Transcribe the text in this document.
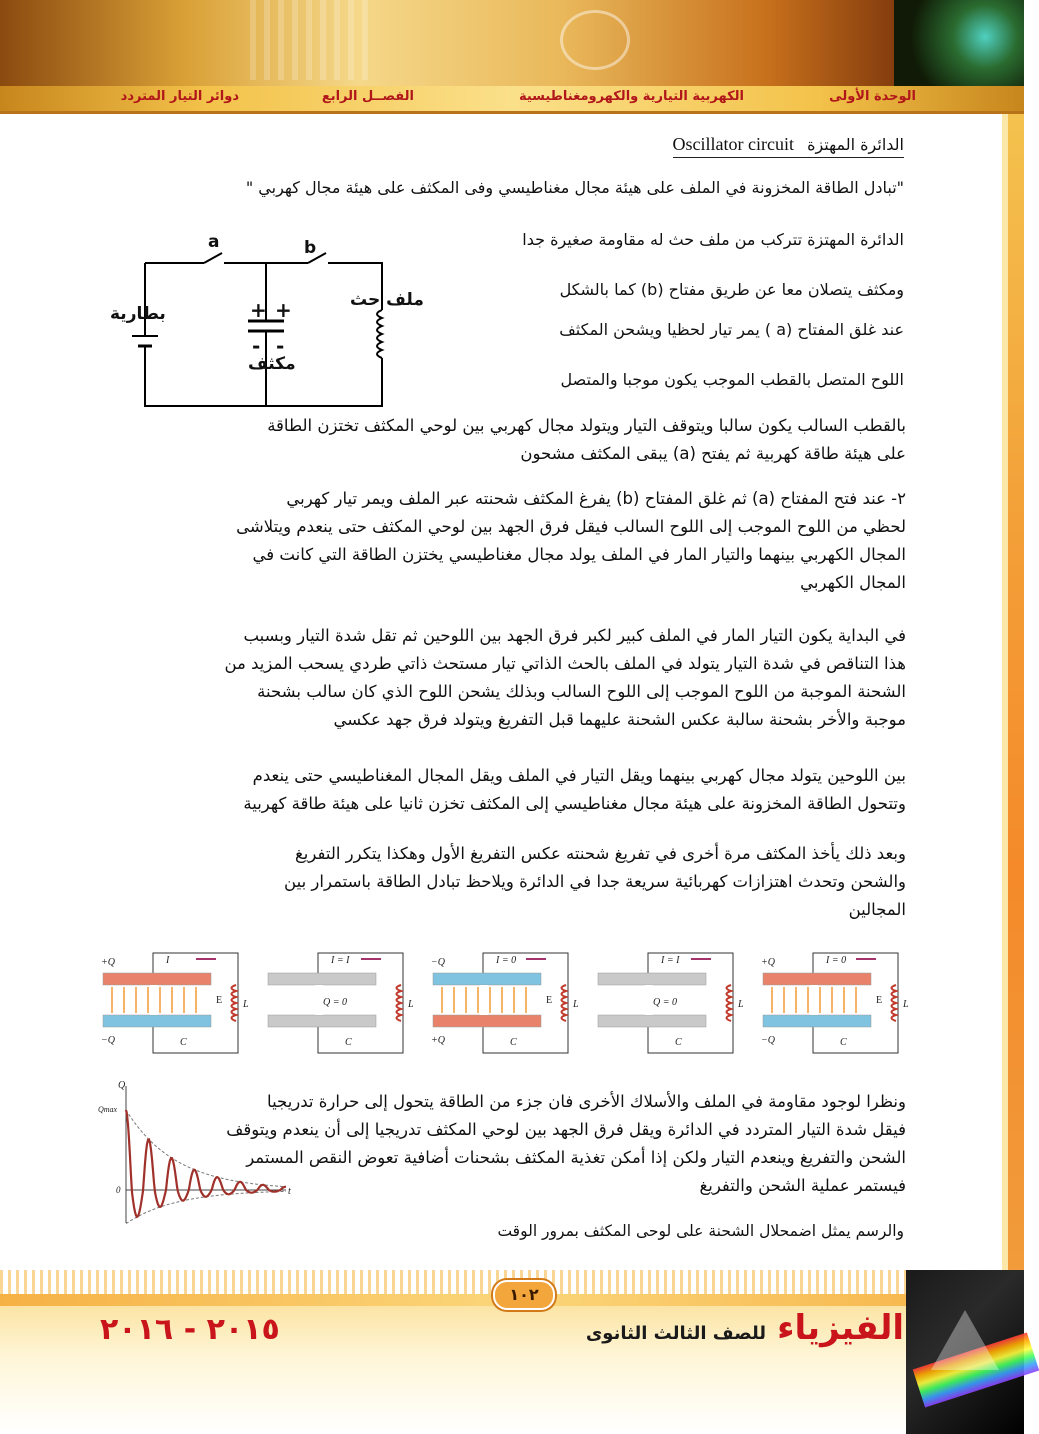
الوحدة الأولى
الكهربية التيارية والكهرومغناطيسية
الفصــل الرابع
دوائر التيار المتردد
الدائرة المهتزة Oscillator circuit
"تبادل الطاقة المخزونة في الملف على هيئة مجال مغناطيسي وفى المكثف على هيئة مجال كهربي "
الدائرة المهتزة تتركب من ملف حث له مقاومة صغيرة جدا
ومكثف يتصلان معا عن طريق مفتاح (b) كما بالشكل
عند غلق المفتاح (a ) يمر تيار لحظيا ويشحن المكثف
اللوح المتصل بالقطب الموجب يكون موجبا والمتصل
بالقطب السالب يكون سالبا ويتوقف التيار ويتولد مجال كهربي بين لوحي المكثف تختزن الطاقة
على هيئة طاقة كهربية ثم يفتح (a) يبقى المكثف مشحون
a	b
بطارية
ملف حث
مكثف
+ +
- -
٢- عند فتح المفتاح (a) ثم غلق المفتاح (b) يفرغ المكثف شحنته عبر الملف ويمر تيار كهربي
لحظي من اللوح الموجب إلى اللوح السالب فيقل فرق الجهد بين لوحي المكثف حتى ينعدم ويتلاشى
المجال الكهربي بينهما والتيار المار في الملف يولد مجال مغناطيسي يختزن الطاقة التي كانت في
المجال الكهربي
في البداية يكون التيار المار في الملف كبير لكبر فرق الجهد بين اللوحين ثم تقل شدة التيار وبسبب
هذا التناقص في شدة التيار يتولد في الملف بالحث الذاتي تيار مستحث ذاتي طردي يسحب المزيد من
الشحنة الموجبة من اللوح الموجب إلى اللوح السالب وبذلك يشحن اللوح الذي كان سالب بشحنة
موجبة والأخر بشحنة سالبة عكس الشحنة عليهما قبل التفريغ ويتولد فرق جهد عكسي
بين اللوحين يتولد مجال كهربي بينهما ويقل التيار في الملف ويقل المجال المغناطيسي حتى ينعدم
وتتحول الطاقة المخزونة على هيئة مجال مغناطيسي إلى المكثف تخزن ثانيا على هيئة طاقة كهربية
وبعد ذلك يأخذ المكثف مرة أخرى في تفريغ شحنته عكس التفريغ الأول وهكذا يتكرر التفريغ
والشحن وتحدث اهتزازات كهربائية سريعة جدا في الدائرة ويلاحظ تبادل الطاقة باستمرار بين
المجالين
E L
C
+Q
−Q
I
Q = 0	L
C
I = I
E L
C
−Q
+Q
I = 0
Q = 0	L
C
I = I
E L
C
+Q
−Q
I = 0
ونظرا لوجود مقاومة في الملف والأسلاك الأخرى فان جزء من الطاقة يتحول إلى حرارة تدريجيا
فيقل شدة التيار المتردد في الدائرة ويقل فرق الجهد بين لوحي المكثف تدريجيا إلى أن ينعدم ويتوقف
الشحن والتفريغ وينعدم التيار ولكن إذا أمكن تغذية المكثف بشحنات أضافية تعوض النقص المستمر
فيستمر عملية الشحن والتفريغ
والرسم يمثل اضمحلال الشحنة على لوحى المكثف بمرور الوقت
Q
Qmax
0	t
١٠٢
الفيزياء للصف الثالث الثانوى
٢٠١٥ - ٢٠١٦
